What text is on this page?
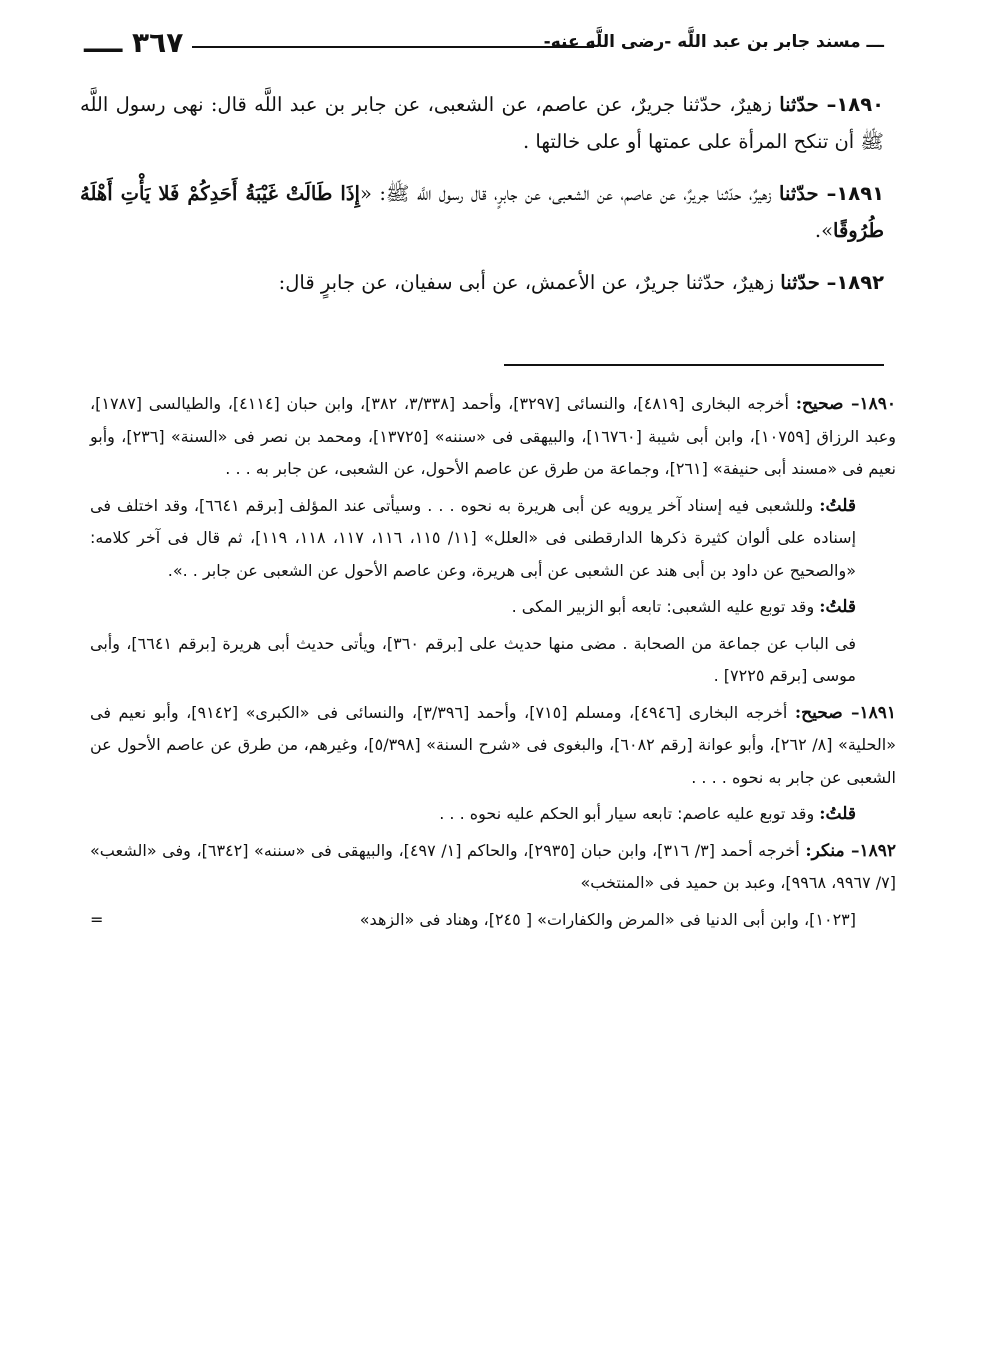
ـــ مسند جابر بن عبد اللَّه -رضى اللَّه عنه-
٣٦٧ ــــ

١٨٩٠– حدّثنا زهيرٌ، حدّثنا جريرٌ، عن عاصم، عن الشعبى، عن جابر بن عبد اللَّه قال: نهى رسول اللَّه ﷺ أن تنكح المرأة على عمتها أو على خالتها .

١٨٩١– حدّثنا زهيرٌ، حدّثنا جريرٌ، عن عاصم، عن الشعبى، عن جابرٍ، قال رسول اللَّه ﷺ: «إِذَا طَالَتْ غَيْبَةُ أَحَدِكُمْ فَلا يَأْتِ أَهْلَهُ طُرُوقًا».

١٨٩٢– حدّثنا زهيرٌ، حدّثنا جريرٌ، عن الأعمش، عن أبى سفيان، عن جابرٍ قال:

١٨٩٠– صحيح: أخرجه البخارى [٤٨١٩]، والنسائى [٣٢٩٧]، وأحمد [٣/٣٣٨، ٣٨٢]، وابن حبان [٤١١٤]، والطيالسى [١٧٨٧]، وعبد الرزاق [١٠٧٥٩]، وابن أبى شيبة [١٦٧٦٠]، والبيهقى فى «سننه» [١٣٧٢٥]، ومحمد بن نصر فى «السنة» [٢٣٦]، وأبو نعيم فى «مسند أبى حنيفة» [٢٦١]، وجماعة من طرق عن عاصم الأحول، عن الشعبى، عن جابر به . . .

قلتُ: وللشعبى فيه إسناد آخر يرويه عن أبى هريرة به نحوه . . . وسيأتى عند المؤلف [برقم ٦٦٤١]، وقد اختلف فى إسناده على ألوان كثيرة ذكرها الدارقطنى فى «العلل» [١١/ ١١٥، ١١٦، ١١٧، ١١٨، ١١٩]، ثم قال فى آخر كلامه: «والصحيح عن داود بن أبى هند عن الشعبى عن أبى هريرة، وعن عاصم الأحول عن الشعبى عن جابر . .».

قلتُ: وقد توبع عليه الشعبى: تابعه أبو الزبير المكى .

فى الباب عن جماعة من الصحابة . مضى منها حديث على [برقم ٣٦٠]، ويأتى حديث أبى هريرة [برقم ٦٦٤١]، وأبى موسى [برقم ٧٢٢٥] .

١٨٩١– صحيح: أخرجه البخارى [٤٩٤٦]، ومسلم [٧١٥]، وأحمد [٣/٣٩٦]، والنسائى فى «الكبرى» [٩١٤٢]، وأبو نعيم فى «الحلية» [٨/ ٢٦٢]، وأبو عوانة [رقم ٦٠٨٢]، والبغوى فى «شرح السنة» [٥/٣٩٨]، وغيرهم، من طرق عن عاصم الأحول عن الشعبى عن جابر به نحوه . . . .

قلتُ: وقد توبع عليه عاصم: تابعه سيار أبو الحكم عليه نحوه . . .

١٨٩٢– منكر: أخرجه أحمد [٣/ ٣١٦]، وابن حبان [٢٩٣٥]، والحاكم [١/ ٤٩٧]، والبيهقى فى «سننه» [٦٣٤٢]، وفى «الشعب» [٧/ ٩٩٦٧، ٩٩٦٨]، وعبد بن حميد فى «المنتخب»

[١٠٢٣]، وابن أبى الدنيا فى «المرض والكفارات» [ ٢٤٥]، وهناد فى «الزهد»
=
